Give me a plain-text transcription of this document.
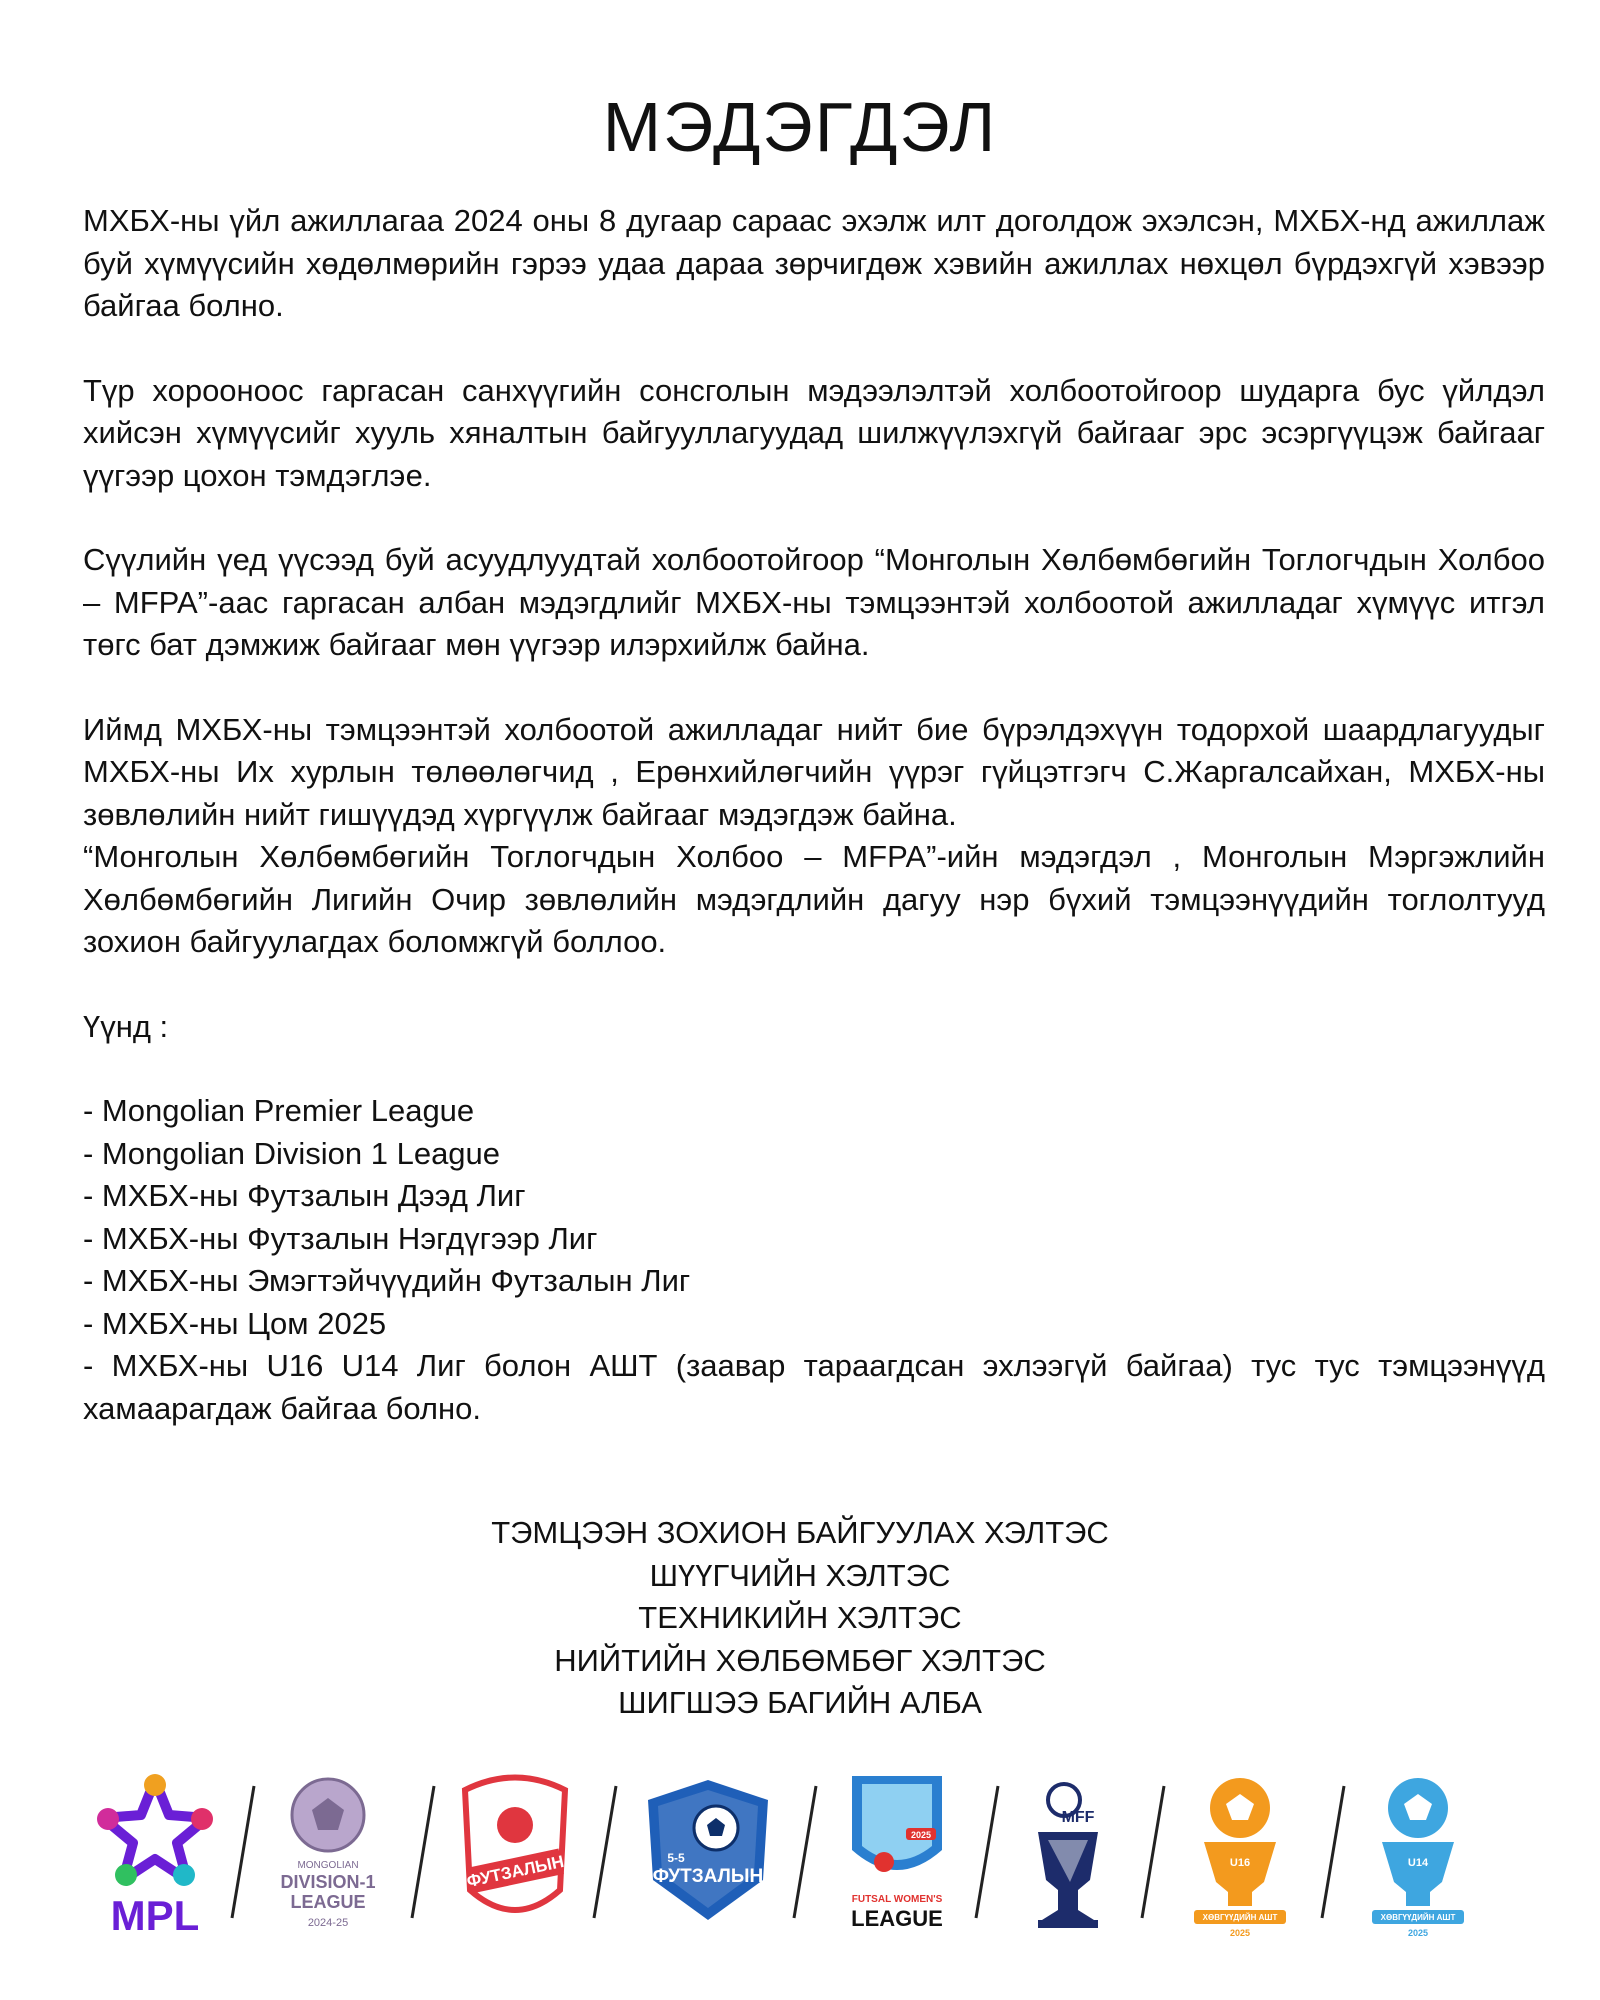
МЭДЭГДЭЛ

МХБХ-ны үйл ажиллагаа 2024 оны 8 дугаар сараас эхэлж илт доголдож эхэлсэн, МХБХ-нд ажиллаж буй хүмүүсийн хөдөлмөрийн гэрээ удаа дараа зөрчигдөж хэвийн ажиллах нөхцөл бүрдэхгүй хэвээр байгаа болно.

Түр хорооноос гаргасан санхүүгийн сонсголын мэдээлэлтэй холбоотойгоор шударга бус үйлдэл хийсэн хүмүүсийг хууль хяналтын байгууллагуудад шилжүүлэхгүй байгааг эрс эсэргүүцэж байгааг үүгээр цохон тэмдэглэе.

Сүүлийн үед үүсээд буй асуудлуудтай холбоотойгоор “Монголын Хөлбөмбөгийн Тоглогчдын Холбоо – MFPA”-аас гаргасан албан мэдэгдлийг МХБХ-ны тэмцээнтэй холбоотой ажилладаг хүмүүс итгэл төгс бат дэмжиж байгааг мөн үүгээр илэрхийлж байна.

Иймд МХБХ-ны тэмцээнтэй холбоотой ажилладаг нийт бие бүрэлдэхүүн тодорхой шаардлагуудыг МХБХ-ны Их хурлын төлөөлөгчид , Ерөнхийлөгчийн үүрэг гүйцэтгэгч С.Жаргалсайхан, МХБХ-ны зөвлөлийн нийт гишүүдэд хүргүүлж байгааг мэдэгдэж байна.

“Монголын Хөлбөмбөгийн Тоглогчдын Холбоо – MFPA”-ийн мэдэгдэл , Монголын Мэргэжлийн Хөлбөмбөгийн Лигийн Очир зөвлөлийн мэдэгдлийн дагуу нэр бүхий тэмцээнүүдийн тоглолтууд зохион байгуулагдах боломжгүй боллоо.

Үүнд :

- Mongolian Premier League
- Mongolian Division 1 League
- МХБХ-ны Футзалын Дээд Лиг
- МХБХ-ны Футзалын Нэгдүгээр Лиг
- МХБХ-ны Эмэгтэйчүүдийн Футзалын Лиг
- МХБХ-ны Цом 2025
- МХБХ-ны U16 U14 Лиг болон АШТ (заавар тараагдсан эхлээгүй байгаа) тус тус тэмцээнүүд хамаарагдаж байгаа болно.
ТЭМЦЭЭН ЗОХИОН БАЙГУУЛАХ ХЭЛТЭС
ШҮҮГЧИЙН ХЭЛТЭС
ТЕХНИКИЙН ХЭЛТЭС
НИЙТИЙН ХӨЛБӨМБӨГ ХЭЛТЭС
ШИГШЭЭ БАГИЙН АЛБА
MPL
MONGOLIAN
DIVISION-1
LEAGUE
2024-25
ФУТЗАЛЫН	5-5
ФУТЗАЛЫН
2025
FUTSAL WOMEN'S
LEAGUE
MFF
U16
ХӨВГҮҮДИЙН АШТ
2025
U14
ХӨВГҮҮДИЙН АШТ
2025
